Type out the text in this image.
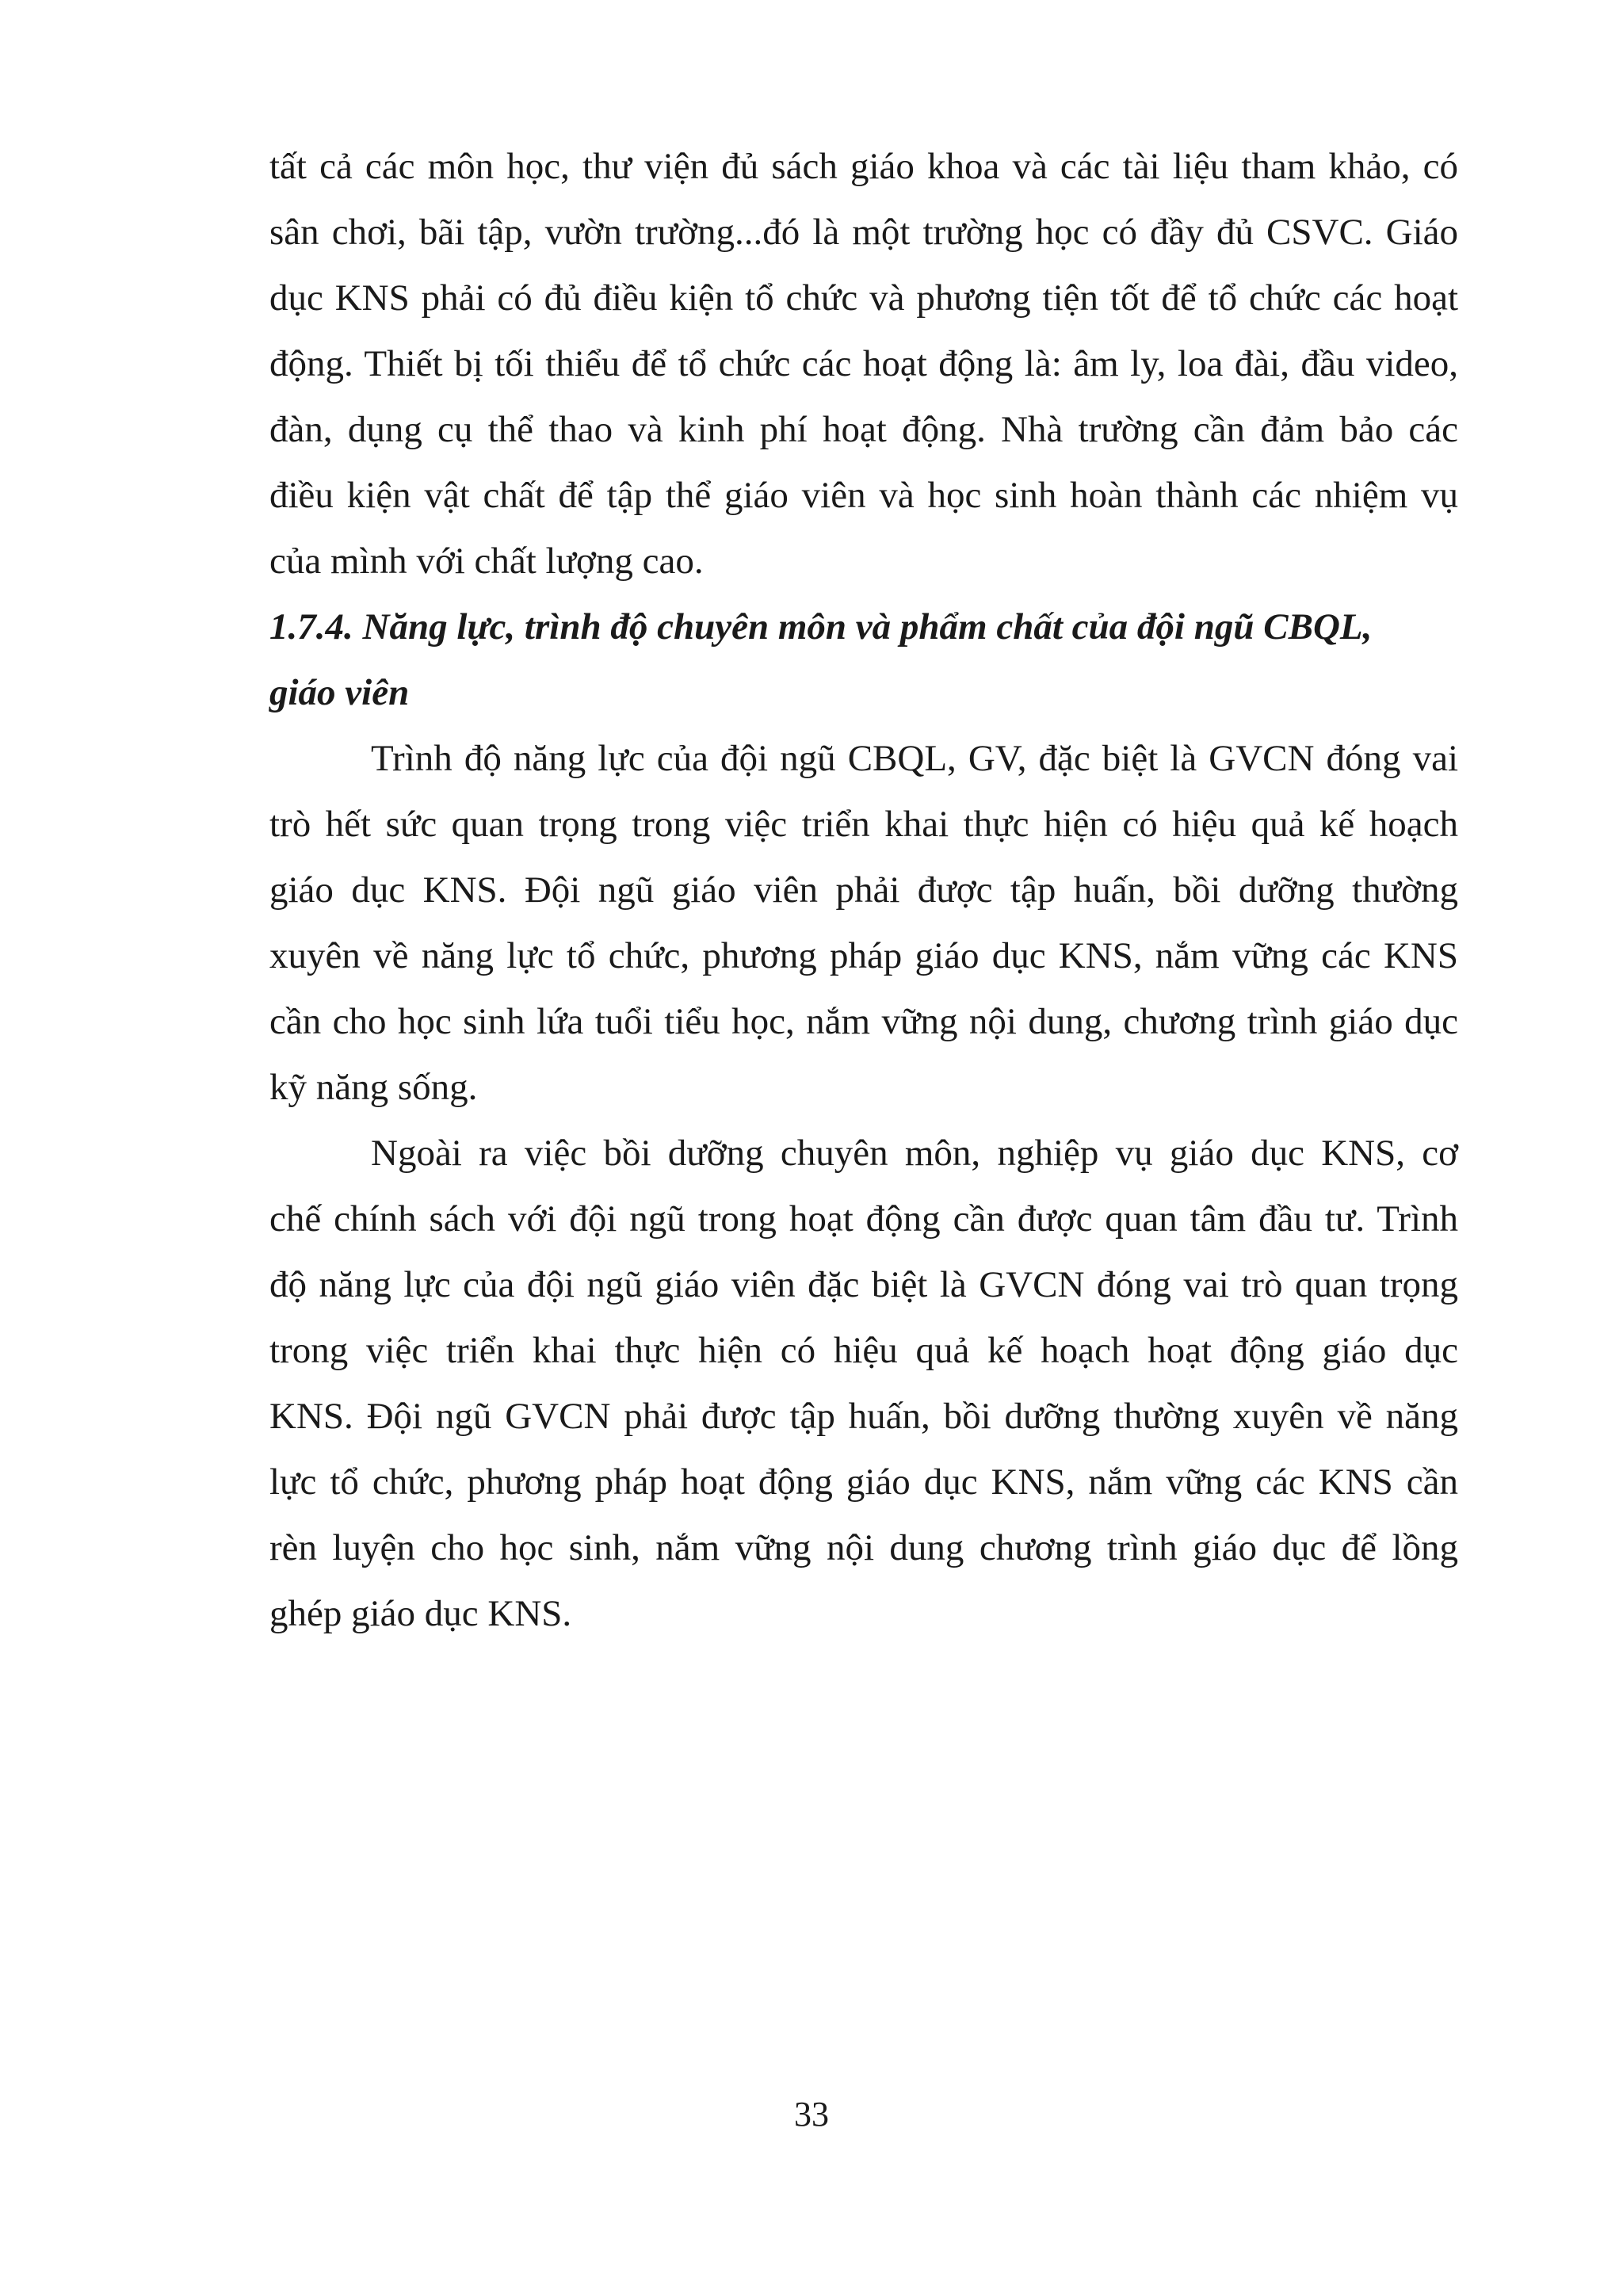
tất cả các môn học, thư viện đủ sách giáo khoa và các tài liệu tham khảo, có
sân chơi, bãi tập, vườn trường...đó là một trường học có đầy đủ CSVC. Giáo
dục KNS phải có đủ điều kiện tổ chức và phương tiện tốt để tổ chức các hoạt
động. Thiết bị tối thiểu để tổ chức các hoạt động là: âm ly, loa đài, đầu video,
đàn, dụng cụ thể thao và kinh phí hoạt động. Nhà trường cần đảm bảo các
điều kiện vật chất để tập thể giáo viên và học sinh hoàn thành các nhiệm vụ
của mình với chất lượng cao.
1.7.4. Năng lực, trình độ chuyên môn và phẩm chất của đội ngũ CBQL,
giáo viên
Trình độ năng lực của đội ngũ CBQL, GV, đặc biệt là GVCN đóng vai
trò hết sức quan trọng trong việc triển khai thực hiện có hiệu quả kế hoạch
giáo dục KNS. Đội ngũ giáo viên phải được tập huấn, bồi dưỡng thường
xuyên về năng lực tổ chức, phương pháp giáo dục KNS, nắm vững các KNS
cần cho học sinh lứa tuổi tiểu học, nắm vững nội dung, chương trình giáo dục
kỹ năng sống.
Ngoài ra việc bồi dưỡng chuyên môn, nghiệp vụ giáo dục KNS, cơ
chế chính sách với đội ngũ trong hoạt động cần được quan tâm đầu tư. Trình
độ năng lực của đội ngũ giáo viên đặc biệt là GVCN đóng vai trò quan trọng
trong việc triển khai thực hiện có hiệu quả kế hoạch hoạt động giáo dục
KNS. Đội ngũ GVCN phải được tập huấn, bồi dưỡng thường xuyên về năng
lực tổ chức, phương pháp hoạt động giáo dục KNS, nắm vững các KNS cần
rèn luyện cho học sinh, nắm vững nội dung chương trình giáo dục để lồng
ghép giáo dục KNS.
33
